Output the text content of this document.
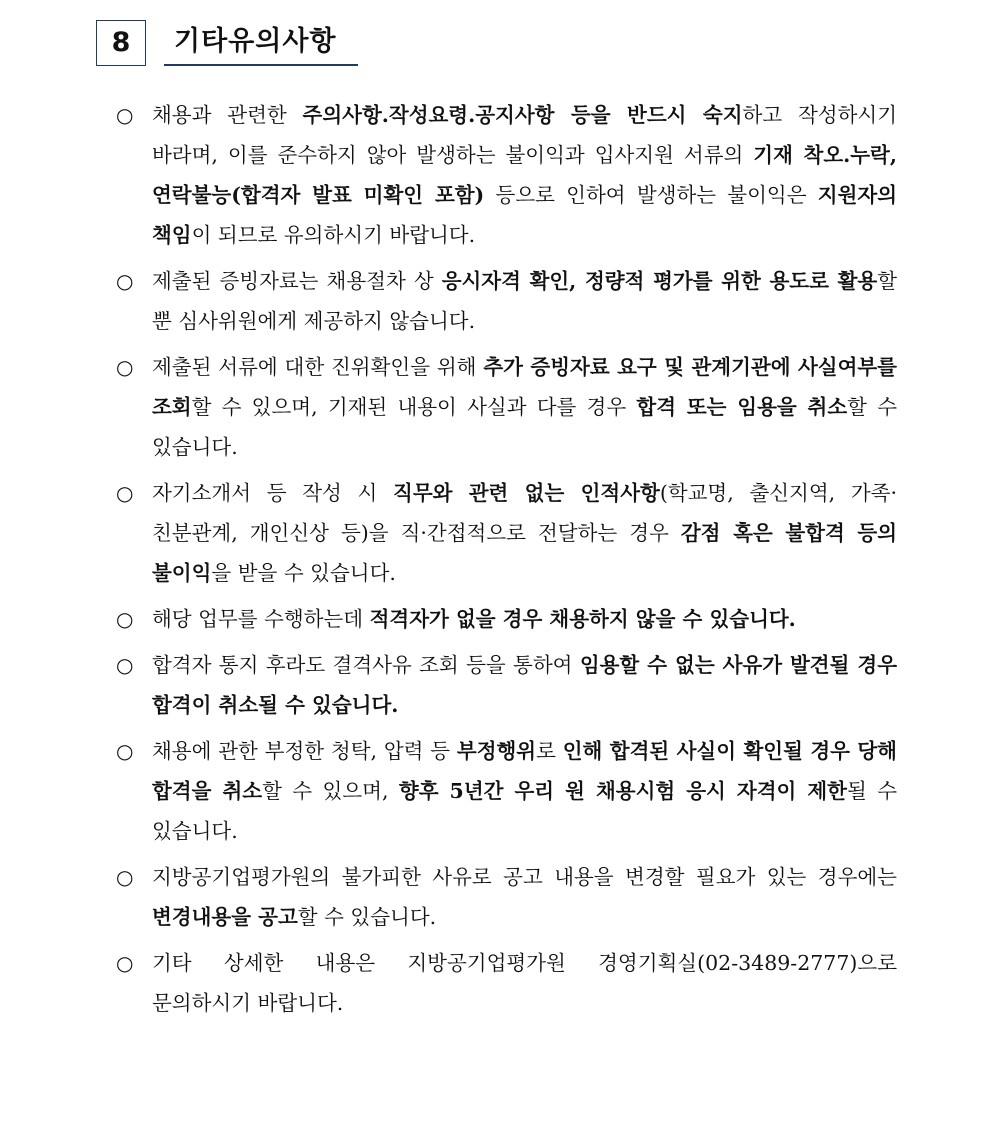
8	기타유의사항
○ 채용과 관련한 주의사항.작성요령.공지사항 등을 반드시 숙지하고 작성하시기 바라며, 이를 준수하지 않아 발생하는 불이익과 입사지원 서류의 기재 착오.누락, 연락불능(합격자 발표 미확인 포함) 등으로 인하여 발생하는 불이익은 지원자의 책임이 되므로 유의하시기 바랍니다.
○ 제출된 증빙자료는 채용절차 상 응시자격 확인, 정량적 평가를 위한 용도로 활용할 뿐 심사위원에게 제공하지 않습니다.
○ 제출된 서류에 대한 진위확인을 위해 추가 증빙자료 요구 및 관계기관에 사실여부를 조회할 수 있으며, 기재된 내용이 사실과 다를 경우 합격 또는 임용을 취소할 수 있습니다.
○ 자기소개서 등 작성 시 직무와 관련 없는 인적사항(학교명, 출신지역, 가족·친분관계, 개인신상 등)을 직·간접적으로 전달하는 경우 감점 혹은 불합격 등의 불이익을 받을 수 있습니다.
○ 해당 업무를 수행하는데 적격자가 없을 경우 채용하지 않을 수 있습니다.
○ 합격자 통지 후라도 결격사유 조회 등을 통하여 임용할 수 없는 사유가 발견될 경우 합격이 취소될 수 있습니다.
○ 채용에 관한 부정한 청탁, 압력 등 부정행위로 인해 합격된 사실이 확인될 경우 당해 합격을 취소할 수 있으며, 향후 5년간 우리 원 채용시험 응시 자격이 제한될 수 있습니다.
○ 지방공기업평가원의 불가피한 사유로 공고 내용을 변경할 필요가 있는 경우에는 변경내용을 공고할 수 있습니다.
○ 기타 상세한 내용은 지방공기업평가원 경영기획실(02-3489-2777)으로 문의하시기 바랍니다.
